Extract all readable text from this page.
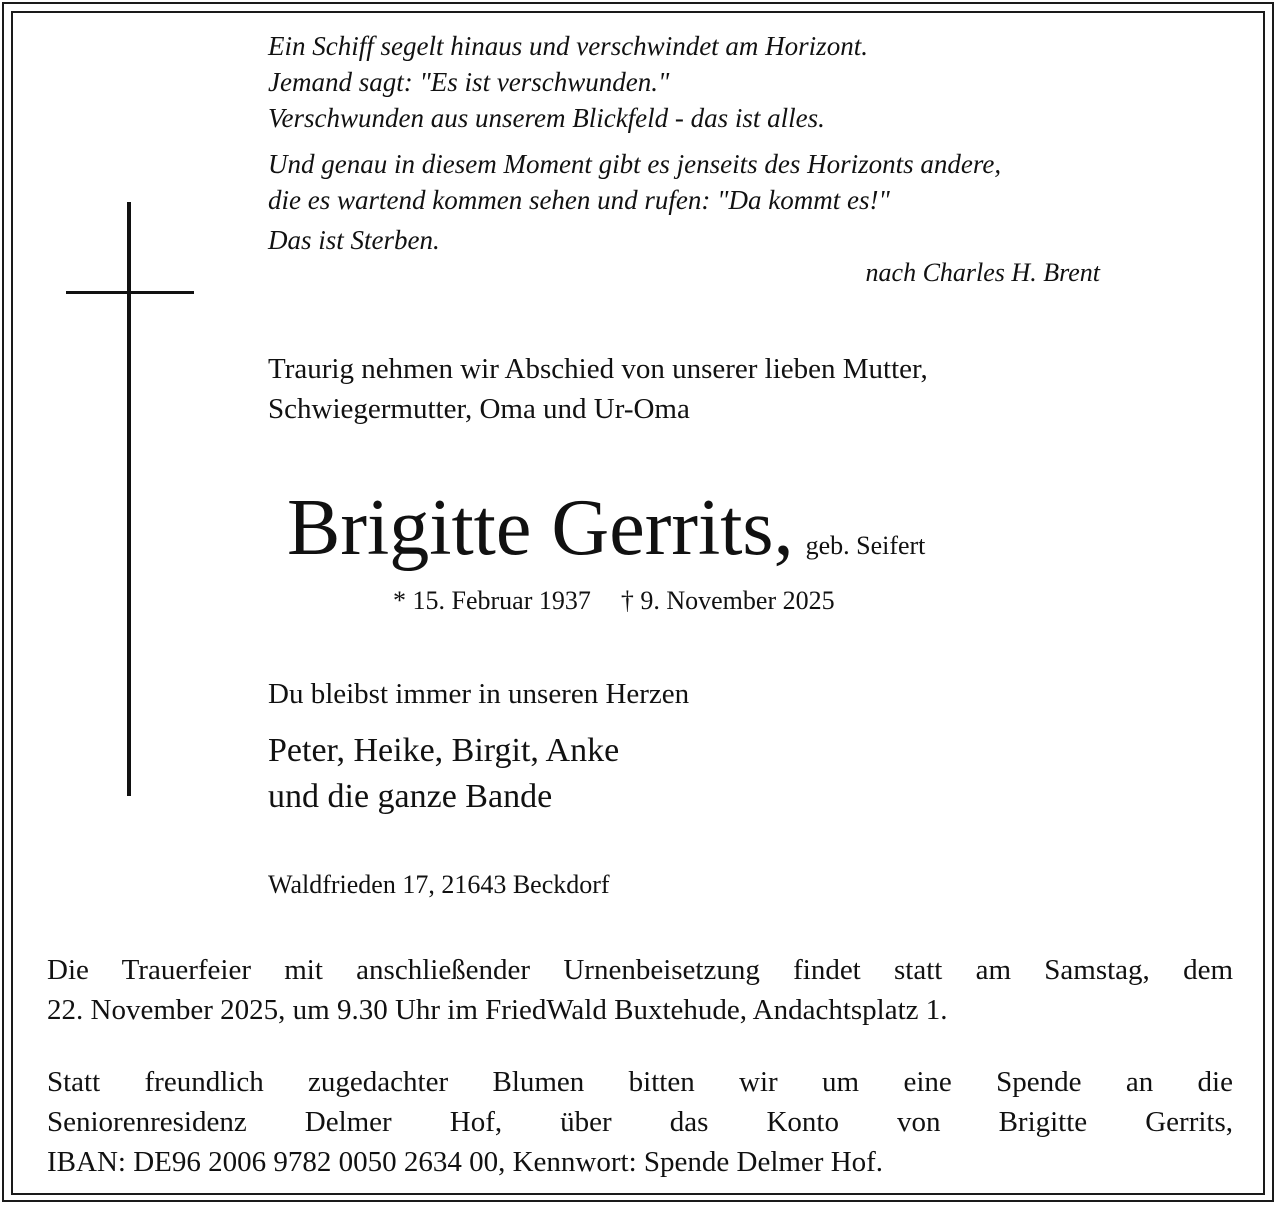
Ein Schiff segelt hinaus und verschwindet am Horizont.
Jemand sagt: "Es ist verschwunden."
Verschwunden aus unserem Blickfeld - das ist alles.
Und genau in diesem Moment gibt es jenseits des Horizonts andere,
die es wartend kommen sehen und rufen: "Da kommt es!"
Das ist Sterben.
nach Charles H. Brent
Traurig nehmen wir Abschied von unserer lieben Mutter,
Schwiegermutter, Oma und Ur-Oma
Brigitte Gerrits, geb. Seifert
* 15. Februar 1937 † 9. November 2025
Du bleibst immer in unseren Herzen
Peter, Heike, Birgit, Anke
und die ganze Bande
Waldfrieden 17, 21643 Beckdorf
Die Trauerfeier mit anschließender Urnenbeisetzung findet statt am Samstag, dem
22. November 2025, um 9.30 Uhr im FriedWald Buxtehude, Andachtsplatz 1.
Statt freundlich zugedachter Blumen bitten wir um eine Spende an die
Seniorenresidenz Delmer Hof, über das Konto von Brigitte Gerrits,
IBAN: DE96 2006 9782 0050 2634 00, Kennwort: Spende Delmer Hof.
